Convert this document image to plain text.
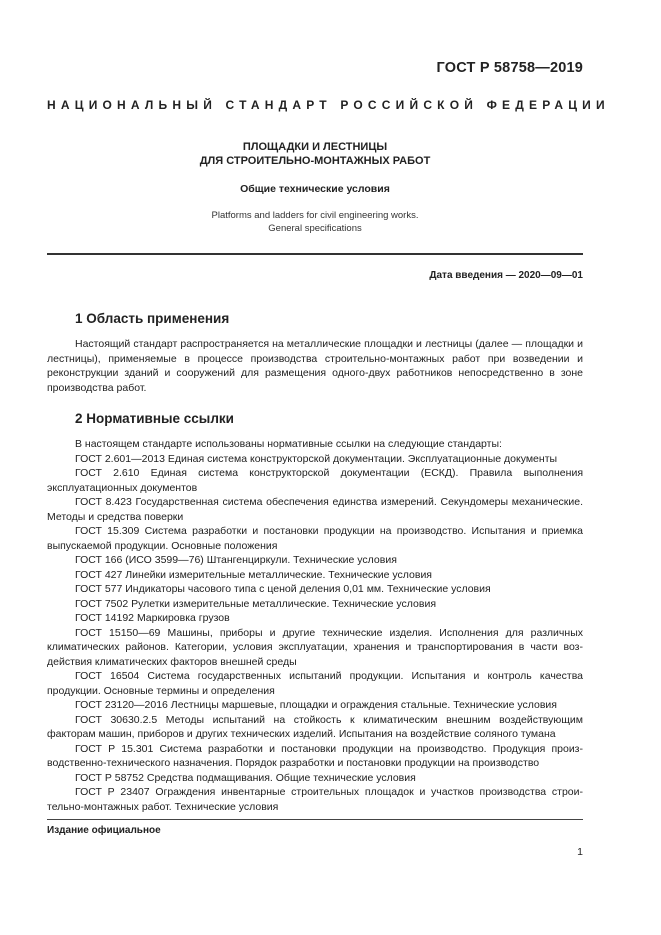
ГОСТ Р 58758—2019
НАЦИОНАЛЬНЫЙ СТАНДАРТ РОССИЙСКОЙ ФЕДЕРАЦИИ
ПЛОЩАДКИ И ЛЕСТНИЦЫ
ДЛЯ СТРОИТЕЛЬНО-МОНТАЖНЫХ РАБОТ
Общие технические условия
Platforms and ladders for civil engineering works.
General specifications
Дата введения — 2020—09—01
1 Область применения

Настоящий стандарт распространяется на металлические площадки и лестницы (далее — площадки и лестницы), применяемые в процессе производства строительно-монтажных работ при возведении и реконструкции зданий и сооружений для размещения одного-двух работников непосредственно в зоне производства работ.

2 Нормативные ссылки

В настоящем стандарте использованы нормативные ссылки на следующие стандарты:

ГОСТ 2.601—2013 Единая система конструкторской документации. Эксплуатационные документы

ГОСТ 2.610 Единая система конструкторской документации (ЕСКД). Правила выполнения эксплуатационных документов

ГОСТ 8.423 Государственная система обеспечения единства измерений. Секундомеры механические. Методы и средства поверки

ГОСТ 15.309 Система разработки и постановки продукции на производство. Испытания и приемка выпускаемой продукции. Основные положения

ГОСТ 166 (ИСО 3599—76) Штангенциркули. Технические условия

ГОСТ 427 Линейки измерительные металлические. Технические условия

ГОСТ 577 Индикаторы часового типа с ценой деления 0,01 мм. Технические условия

ГОСТ 7502 Рулетки измерительные металлические. Технические условия

ГОСТ 14192 Маркировка грузов

ГОСТ 15150—69 Машины, приборы и другие технические изделия. Исполнения для различных климатических районов. Категории, условия эксплуатации, хранения и транспортирования в части воздействия климатических факторов внешней среды

ГОСТ 16504 Система государственных испытаний продукции. Испытания и контроль качества продукции. Основные термины и определения

ГОСТ 23120—2016 Лестницы маршевые, площадки и ограждения стальные. Технические условия

ГОСТ 30630.2.5 Методы испытаний на стойкость к климатическим внешним воздействующим факторам машин, приборов и других технических изделий. Испытания на воздействие соляного тумана

ГОСТ Р 15.301 Система разработки и постановки продукции на производство. Продукция производственно-технического назначения. Порядок разработки и постановки продукции на производство

ГОСТ Р 58752 Средства подмащивания. Общие технические условия

ГОСТ Р 23407 Ограждения инвентарные строительных площадок и участков производства строительно-монтажных работ. Технические условия

Издание официальное
1
